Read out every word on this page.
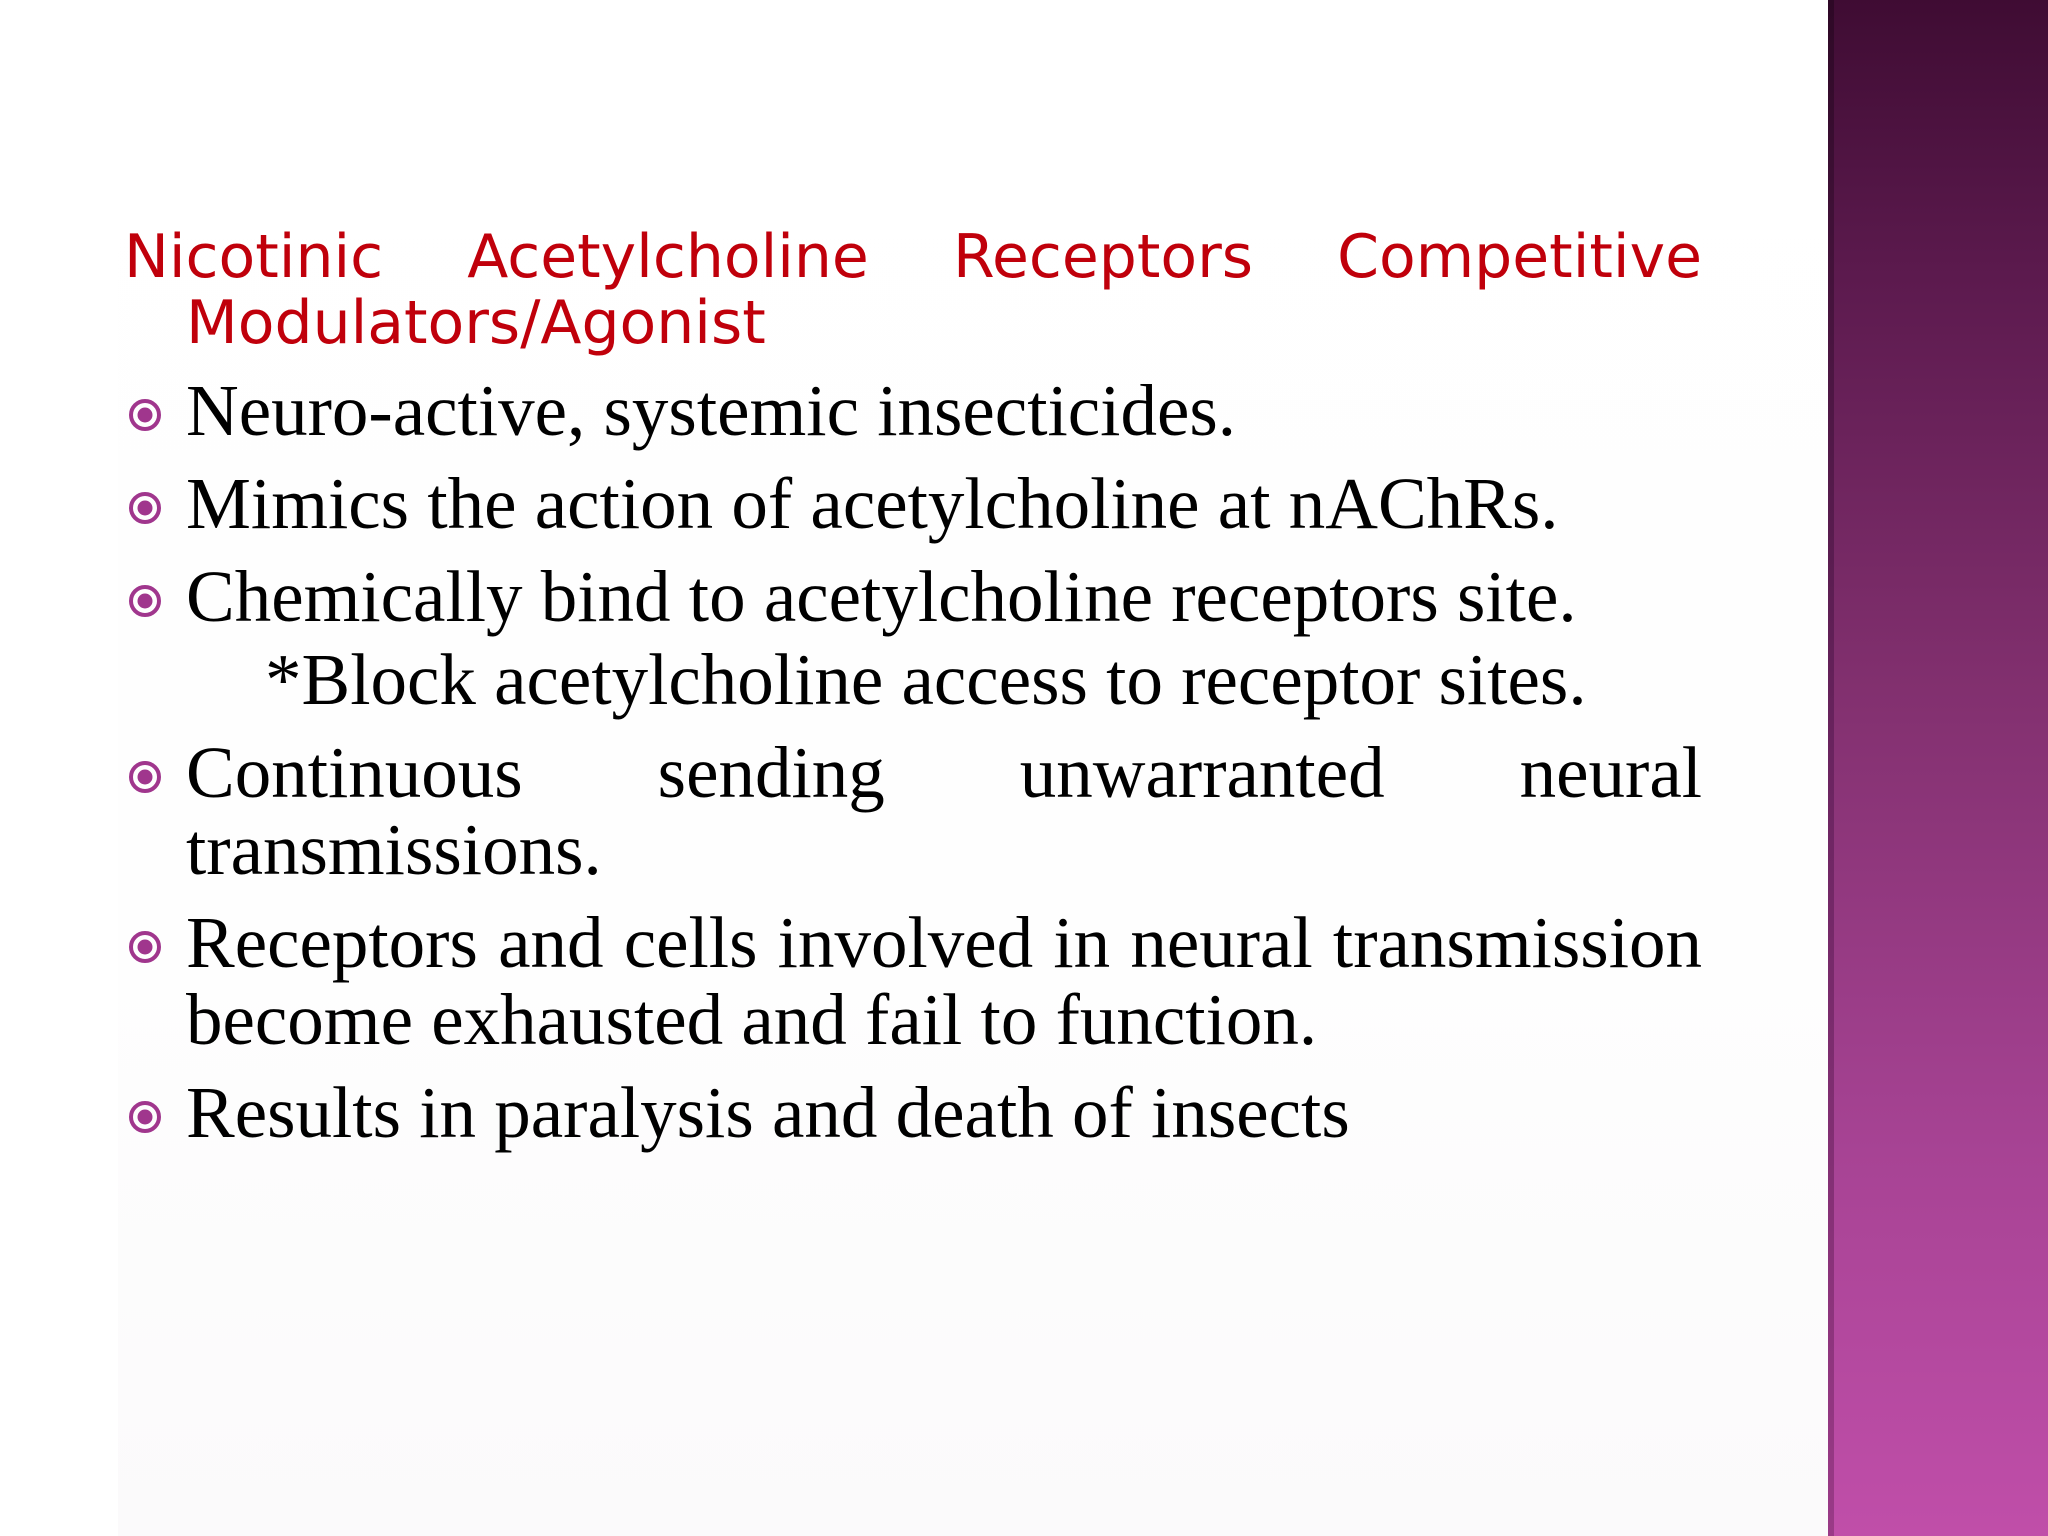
Nicotinic Acetylcholine Receptors Competitive Modulators/Agonist
Neuro-active, systemic insecticides.
Mimics the action of acetylcholine at nAChRs.
Chemically bind to acetylcholine receptors site.
*Block acetylcholine access to receptor sites.
Continuous sending unwarranted neural transmissions.
Receptors and cells involved in neural transmission become exhausted and fail to function.
Results in paralysis and death of insects
